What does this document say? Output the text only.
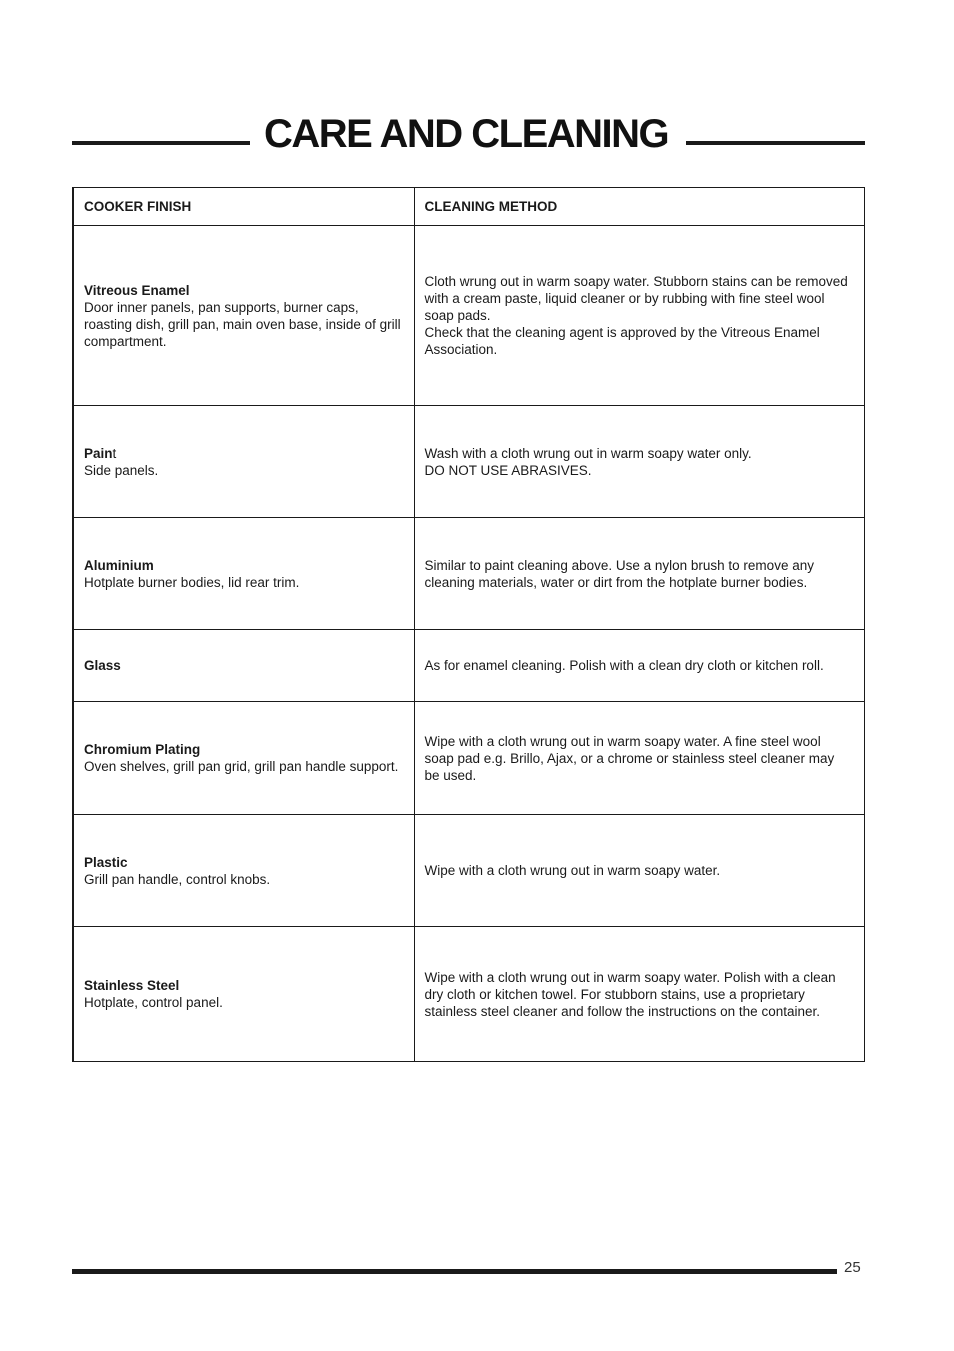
CARE AND CLEANING
COOKER FINISH	CLEANING METHOD

Vitreous Enamel
Door inner panels, pan supports, burner caps, roasting dish, grill pan, main oven base, inside of grill compartment.	Cloth wrung out in warm soapy water. Stubborn stains can be removed with a cream paste, liquid cleaner or by rubbing with fine steel wool soap pads.
Check that the cleaning agent is approved by the Vitreous Enamel Association.

Paint
Side panels.	Wash with a cloth wrung out in warm soapy water only.
DO NOT USE ABRASIVES.

Aluminium
Hotplate burner bodies, lid rear trim.	Similar to paint cleaning above. Use a nylon brush to remove any cleaning materials, water or dirt from the hotplate burner bodies.

Glass	As for enamel cleaning. Polish with a clean dry cloth or kitchen roll.

Chromium Plating
Oven shelves, grill pan grid, grill pan handle support.	Wipe with a cloth wrung out in warm soapy water. A fine steel wool soap pad e.g. Brillo, Ajax, or a chrome or stainless steel cleaner may be used.

Plastic
Grill pan handle, control knobs.	Wipe with a cloth wrung out in warm soapy water.

Stainless Steel
Hotplate, control panel.	Wipe with a cloth wrung out in warm soapy water. Polish with a clean dry cloth or kitchen towel. For stubborn stains, use a proprietary stainless steel cleaner and follow the instructions on the container.
25
